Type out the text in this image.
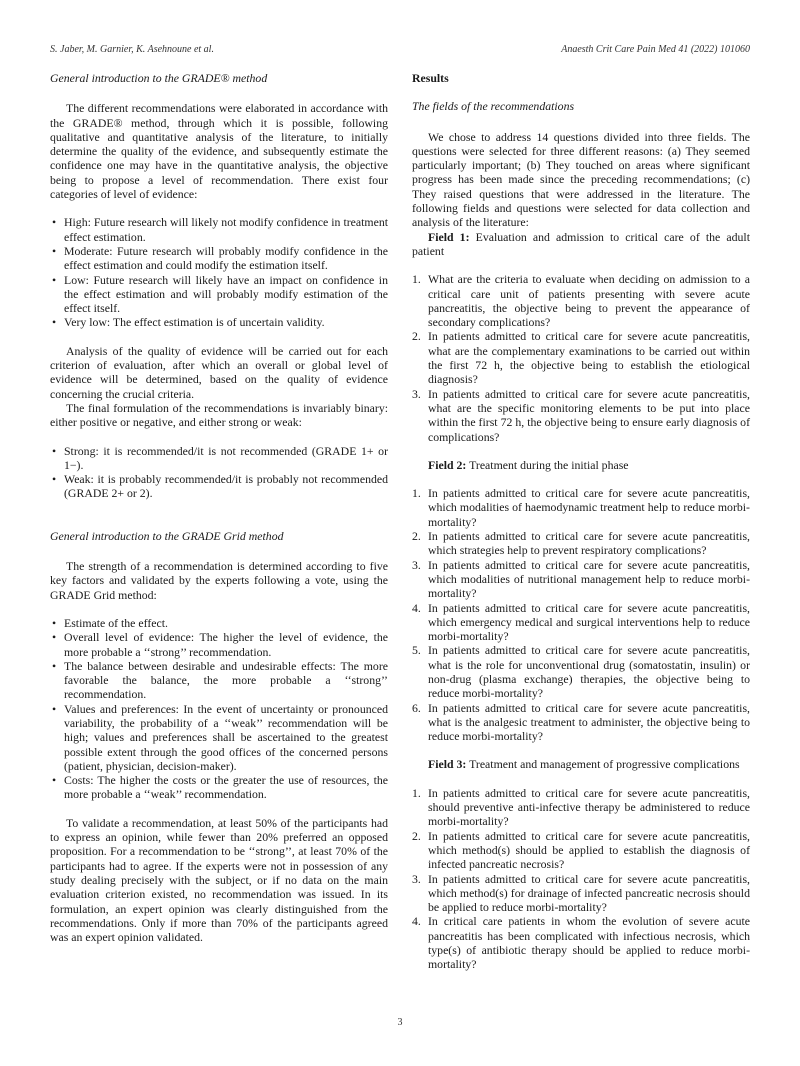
S. Jaber, M. Garnier, K. Asehnoune et al.	Anaesth Crit Care Pain Med 41 (2022) 101060
General introduction to the GRADE® method

The different recommendations were elaborated in accordance with the GRADE® method, through which it is possible, following qualitative and quantitative analysis of the literature, to initially determine the quality of the evidence, and subsequently estimate the confidence one may have in the quantitative analysis, the objective being to propose a level of recommendation. There exist four categories of level of evidence:

• High: Future research will likely not modify confidence in treatment effect estimation.
• Moderate: Future research will probably modify confidence in the effect estimation and could modify the estimation itself.
• Low: Future research will likely have an impact on confidence in the effect estimation and will probably modify estimation of the effect itself.
• Very low: The effect estimation is of uncertain validity.

Analysis of the quality of evidence will be carried out for each criterion of evaluation, after which an overall or global level of evidence will be determined, based on the quality of evidence concerning the crucial criteria.

The final formulation of the recommendations is invariably binary: either positive or negative, and either strong or weak:

• Strong: it is recommended/it is not recommended (GRADE 1+ or 1−).
• Weak: it is probably recommended/it is probably not recommended (GRADE 2+ or 2).
General introduction to the GRADE Grid method

The strength of a recommendation is determined according to five key factors and validated by the experts following a vote, using the GRADE Grid method:

• Estimate of the effect.
• Overall level of evidence: The higher the level of evidence, the more probable a ‘‘strong’’ recommendation.
• The balance between desirable and undesirable effects: The more favorable the balance, the more probable a ‘‘strong’’ recommendation.
• Values and preferences: In the event of uncertainty or pronounced variability, the probability of a ‘‘weak’’ recommendation will be high; values and preferences shall be ascertained to the greatest possible extent through the good offices of the concerned persons (patient, physician, decision-maker).
• Costs: The higher the costs or the greater the use of resources, the more probable a ‘‘weak’’ recommendation.

To validate a recommendation, at least 50% of the participants had to express an opinion, while fewer than 20% preferred an opposed proposition. For a recommendation to be ‘‘strong’’, at least 70% of the participants had to agree. If the experts were not in possession of any study dealing precisely with the subject, or if no data on the main evaluation criterion existed, no recommendation was issued. In its formulation, an expert opinion was clearly distinguished from the recommendations. Only if more than 70% of the participants agreed was an expert opinion validated.

Results
The fields of the recommendations

We chose to address 14 questions divided into three fields. The questions were selected for three different reasons: (a) They seemed particularly important; (b) They touched on areas where significant progress has been made since the preceding recommendations; (c) They raised questions that were addressed in the literature. The following fields and questions were selected for data collection and analysis of the literature:

Field 1: Evaluation and admission to critical care of the adult patient

1. What are the criteria to evaluate when deciding on admission to a critical care unit of patients presenting with severe acute pancreatitis, the objective being to prevent the appearance of secondary complications?
2. In patients admitted to critical care for severe acute pancreatitis, what are the complementary examinations to be carried out within the first 72 h, the objective being to establish the etiological diagnosis?
3. In patients admitted to critical care for severe acute pancreatitis, what are the specific monitoring elements to be put into place within the first 72 h, the objective being to ensure early diagnosis of complications?

Field 2: Treatment during the initial phase

1. In patients admitted to critical care for severe acute pancreatitis, which modalities of haemodynamic treatment help to reduce morbi-mortality?
2. In patients admitted to critical care for severe acute pancreatitis, which strategies help to prevent respiratory complications?
3. In patients admitted to critical care for severe acute pancreatitis, which modalities of nutritional management help to reduce morbi-mortality?
4. In patients admitted to critical care for severe acute pancreatitis, which emergency medical and surgical interventions help to reduce morbi-mortality?
5. In patients admitted to critical care for severe acute pancreatitis, what is the role for unconventional drug (somatostatin, insulin) or non-drug (plasma exchange) therapies, the objective being to reduce morbi-mortality?
6. In patients admitted to critical care for severe acute pancreatitis, what is the analgesic treatment to administer, the objective being to reduce morbi-mortality?

Field 3: Treatment and management of progressive complications

1. In patients admitted to critical care for severe acute pancreatitis, should preventive anti-infective therapy be administered to reduce morbi-mortality?
2. In patients admitted to critical care for severe acute pancreatitis, which method(s) should be applied to establish the diagnosis of infected pancreatic necrosis?
3. In patients admitted to critical care for severe acute pancreatitis, which method(s) for drainage of infected pancreatic necrosis should be applied to reduce morbi-mortality?
4. In critical care patients in whom the evolution of severe acute pancreatitis has been complicated with infectious necrosis, which type(s) of antibiotic therapy should be applied to reduce morbi-mortality?
3
